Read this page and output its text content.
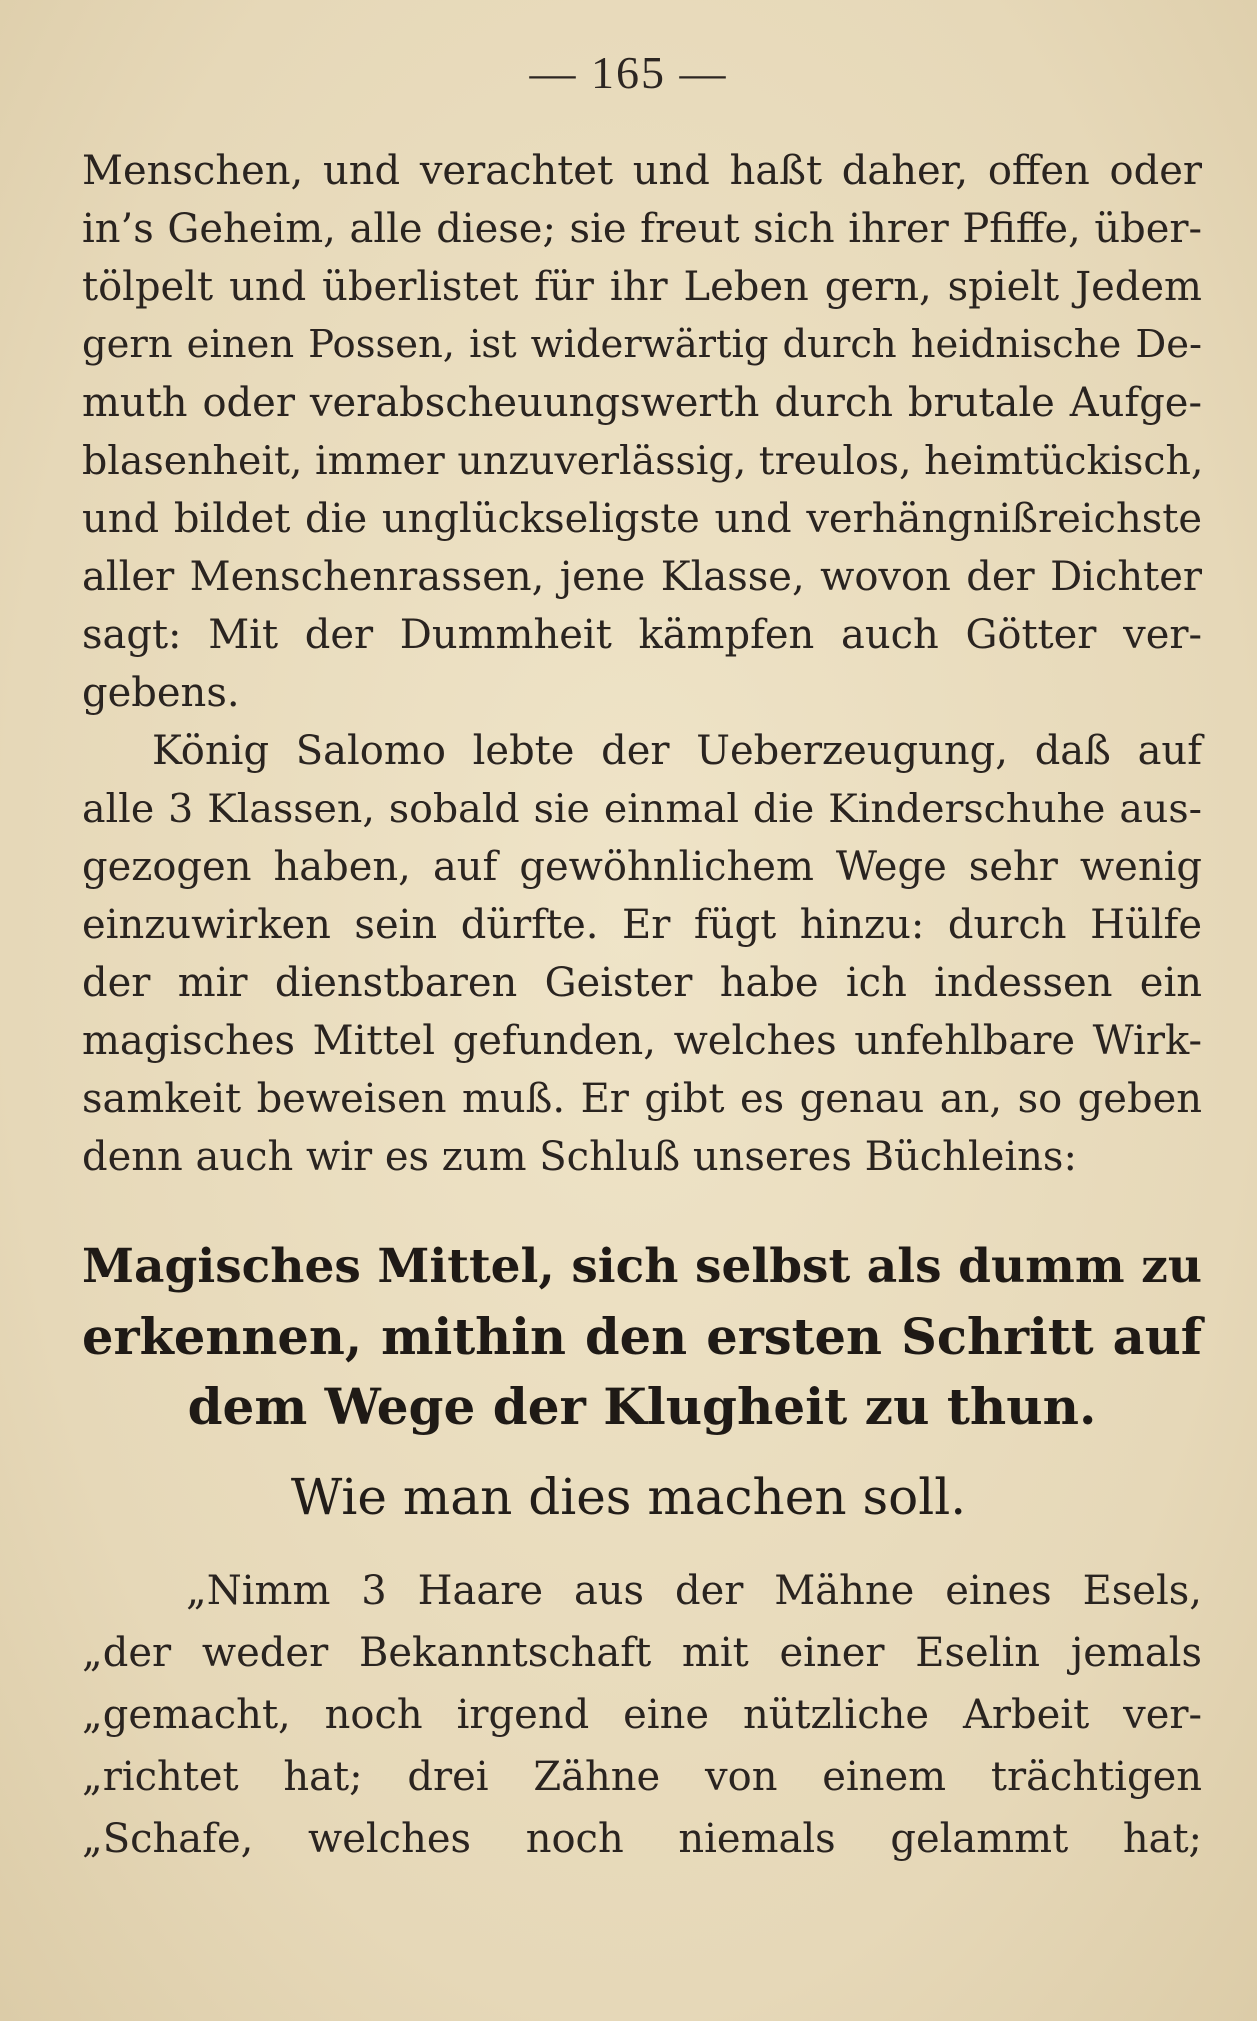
— 165 —
Menschen, und verachtet und haßt daher, offen oder
in’s Geheim, alle diese; sie freut sich ihrer Pfiffe, über-
tölpelt und überlistet für ihr Leben gern, spielt Jedem
gern einen Possen, ist widerwärtig durch heidnische De-
muth oder verabscheuungswerth durch brutale Aufge-
blasenheit, immer unzuverlässig, treulos, heimtückisch,
und bildet die unglückseligste und verhängnißreichste
aller Menschenrassen, jene Klasse, wovon der Dichter
sagt: Mit der Dummheit kämpfen auch Götter ver-
gebens.
König Salomo lebte der Ueberzeugung, daß auf
alle 3 Klassen, sobald sie einmal die Kinderschuhe aus-
gezogen haben, auf gewöhnlichem Wege sehr wenig
einzuwirken sein dürfte. Er fügt hinzu: durch Hülfe
der mir dienstbaren Geister habe ich indessen ein
magisches Mittel gefunden, welches unfehlbare Wirk-
samkeit beweisen muß. Er gibt es genau an, so geben
denn auch wir es zum Schluß unseres Büchleins:
Magisches Mittel, sich selbst als dumm zu
erkennen, mithin den ersten Schritt auf
dem Wege der Klugheit zu thun.
Wie man dies machen soll.
„Nimm 3 Haare aus der Mähne eines Esels,
„der weder Bekanntschaft mit einer Eselin jemals
„gemacht, noch irgend eine nützliche Arbeit ver-
„richtet hat; drei Zähne von einem trächtigen
„Schafe, welches noch niemals gelammt hat;
